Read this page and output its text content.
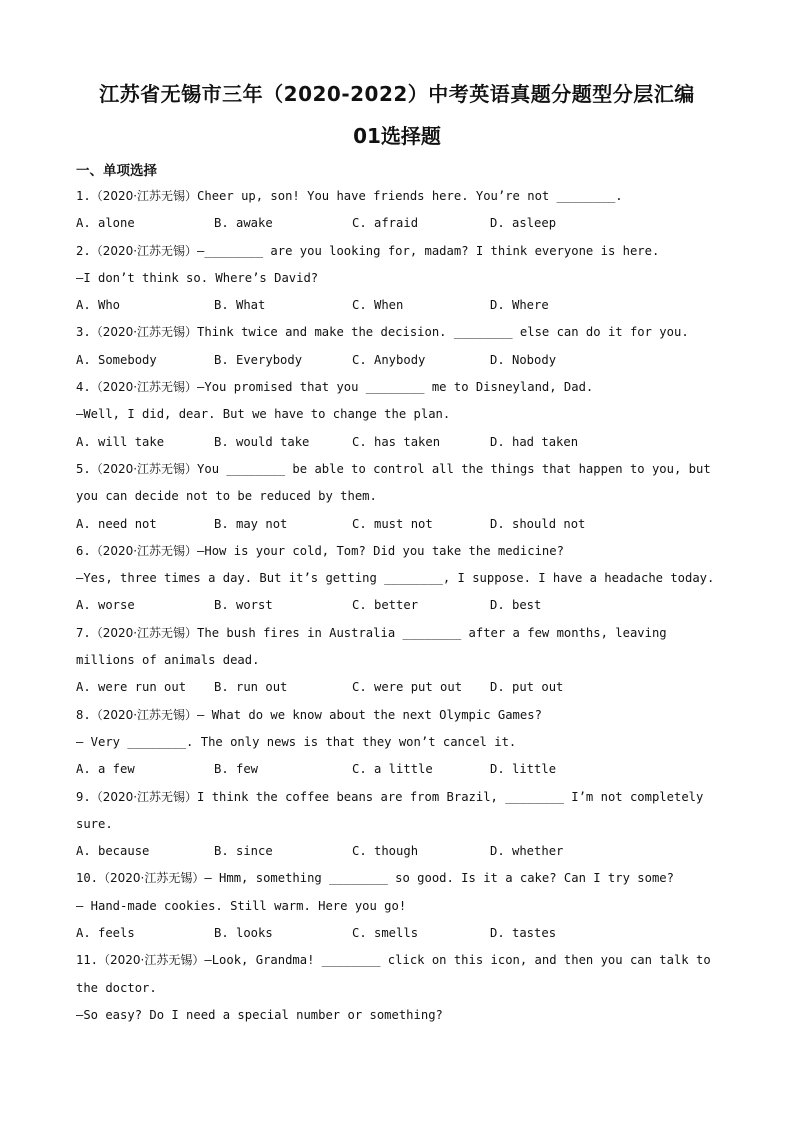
江苏省无锡市三年（2020-2022）中考英语真题分题型分层汇编
01选择题
一、单项选择
1.（2020·江苏无锡）Cheer up, son! You have friends here. You’re not ________.
A. alone	B. awake	C. afraid	D. asleep
2.（2020·江苏无锡）—________ are you looking for, madam? I think everyone is here.
—I don’t think so. Where’s David?
A. Who	B. What	C. When	D. Where
3.（2020·江苏无锡）Think twice and make the decision. ________ else can do it for you.
A. Somebody	B. Everybody	C. Anybody	D. Nobody
4.（2020·江苏无锡）—You promised that you ________ me to Disneyland, Dad.
—Well, I did, dear. But we have to change the plan.
A. will take	B. would take	C. has taken	D. had taken
5.（2020·江苏无锡）You ________ be able to control all the things that happen to you, but
you can decide not to be reduced by them.
A. need not	B. may not	C. must not	D. should not
6.（2020·江苏无锡）—How is your cold, Tom? Did you take the medicine?
—Yes, three times a day. But it’s getting ________, I suppose. I have a headache today.
A. worse	B. worst	C. better	D. best
7.（2020·江苏无锡）The bush fires in Australia ________ after a few months, leaving
millions of animals dead.
A. were run out	B. run out	C. were put out	D. put out
8.（2020·江苏无锡）— What do we know about the next Olympic Games?
— Very ________. The only news is that they won’t cancel it.
A. a few	B. few	C. a little	D. little
9.（2020·江苏无锡）I think the coffee beans are from Brazil, ________ I’m not completely
sure.
A. because	B. since	C. though	D. whether
10.（2020·江苏无锡）— Hmm, something ________ so good. Is it a cake? Can I try some?
— Hand-made cookies. Still warm. Here you go!
A. feels	B. looks	C. smells	D. tastes
11.（2020·江苏无锡）—Look, Grandma! ________ click on this icon, and then you can talk to
the doctor.
—So easy? Do I need a special number or something?
